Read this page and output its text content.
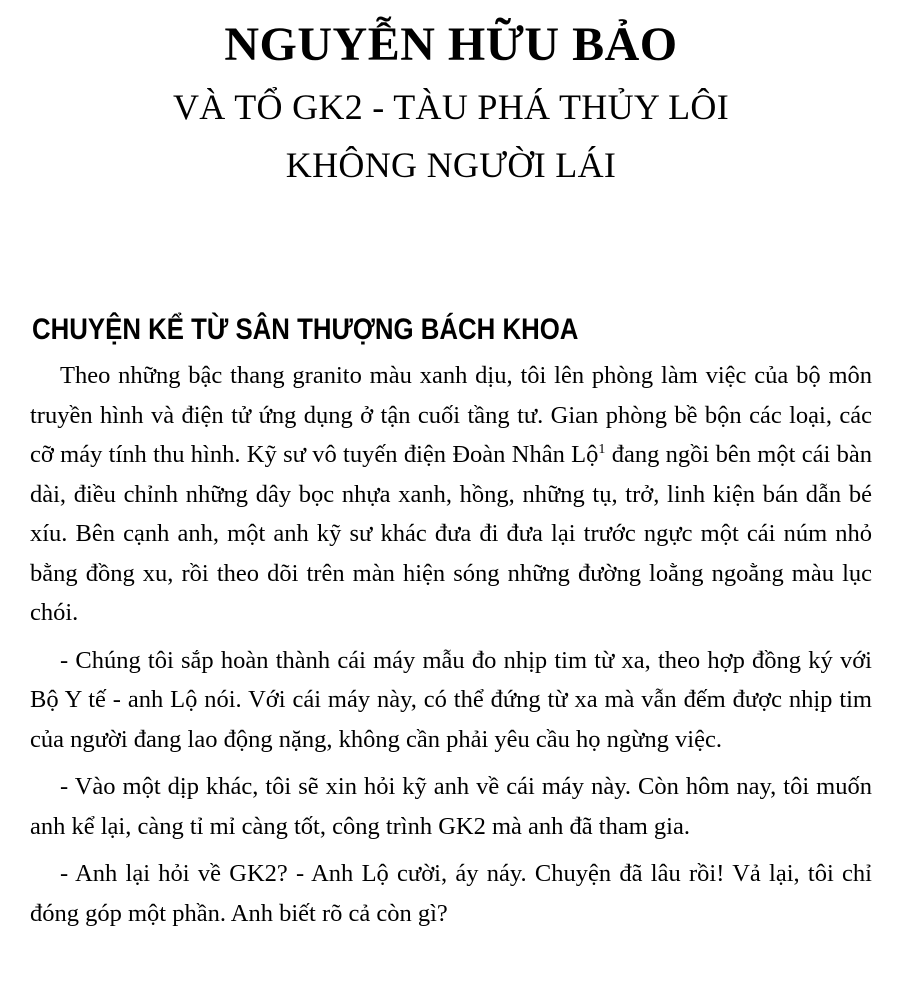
NGUYỄN HỮU BẢO
VÀ TỔ GK2 - TÀU PHÁ THỦY LÔI
KHÔNG NGƯỜI LÁI
CHUYỆN KỂ TỪ SÂN THƯỢNG BÁCH KHOA

Theo những bậc thang granito màu xanh dịu, tôi lên phòng làm việc của bộ môn truyền hình và điện tử ứng dụng ở tận cuối tầng tư. Gian phòng bề bộn các loại, các cỡ máy tính thu hình. Kỹ sư vô tuyến điện Đoàn Nhân Lộ$^1$ đang ngồi bên một cái bàn dài, điều chỉnh những dây bọc nhựa xanh, hồng, những tụ, trở, linh kiện bán dẫn bé xíu. Bên cạnh anh, một anh kỹ sư khác đưa đi đưa lại trước ngực một cái núm nhỏ bằng đồng xu, rồi theo dõi trên màn hiện sóng những đường loằng ngoằng màu lục chói.

- Chúng tôi sắp hoàn thành cái máy mẫu đo nhịp tim từ xa, theo hợp đồng ký với Bộ Y tế - anh Lộ nói. Với cái máy này, có thể đứng từ xa mà vẫn đếm được nhịp tim của người đang lao động nặng, không cần phải yêu cầu họ ngừng việc.

- Vào một dịp khác, tôi sẽ xin hỏi kỹ anh về cái máy này. Còn hôm nay, tôi muốn anh kể lại, càng tỉ mỉ càng tốt, công trình GK2 mà anh đã tham gia.

- Anh lại hỏi về GK2? - Anh Lộ cười, áy náy. Chuyện đã lâu rồi! Vả lại, tôi chỉ đóng góp một phần. Anh biết rõ cả còn gì?
